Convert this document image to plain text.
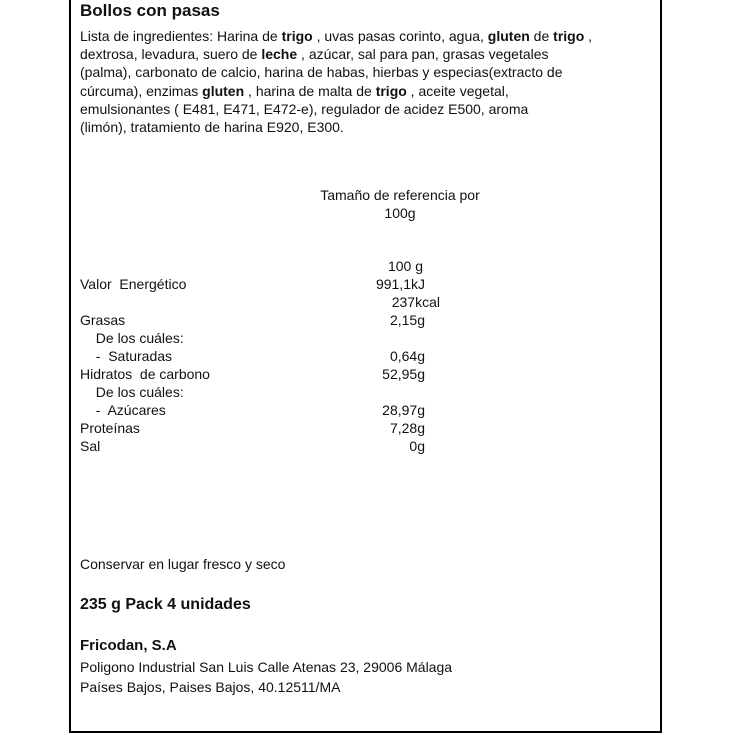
Bollos con pasas
Lista de ingredientes: Harina de trigo , uvas pasas corinto, agua, gluten de trigo ,
dextrosa, levadura, suero de leche , azúcar, sal para pan, grasas vegetales
(palma), carbonato de calcio, harina de habas, hierbas y especias(extracto de
cúrcuma), enzimas gluten , harina de malta de trigo , aceite vegetal,
emulsionantes ( E481, E471, E472-e), regulador de acidez E500, aroma
(limón), tratamiento de harina E920, E300.
Tamaño de referencia por
100g
100 g
Valor  Energético	991,1kJ
237kcal
Grasas	2,15g
De los cuáles:
-  Saturadas	0,64g
Hidratos  de carbono	52,95g
De los cuáles:
-  Azúcares	28,97g
Proteínas	7,28g
Sal	0g
Conservar en lugar fresco y seco
235 g Pack 4 unidades
Fricodan, S.A
Poligono Industrial San Luis Calle Atenas 23, 29006 Málaga
Países Bajos, Paises Bajos, 40.12511/MA
